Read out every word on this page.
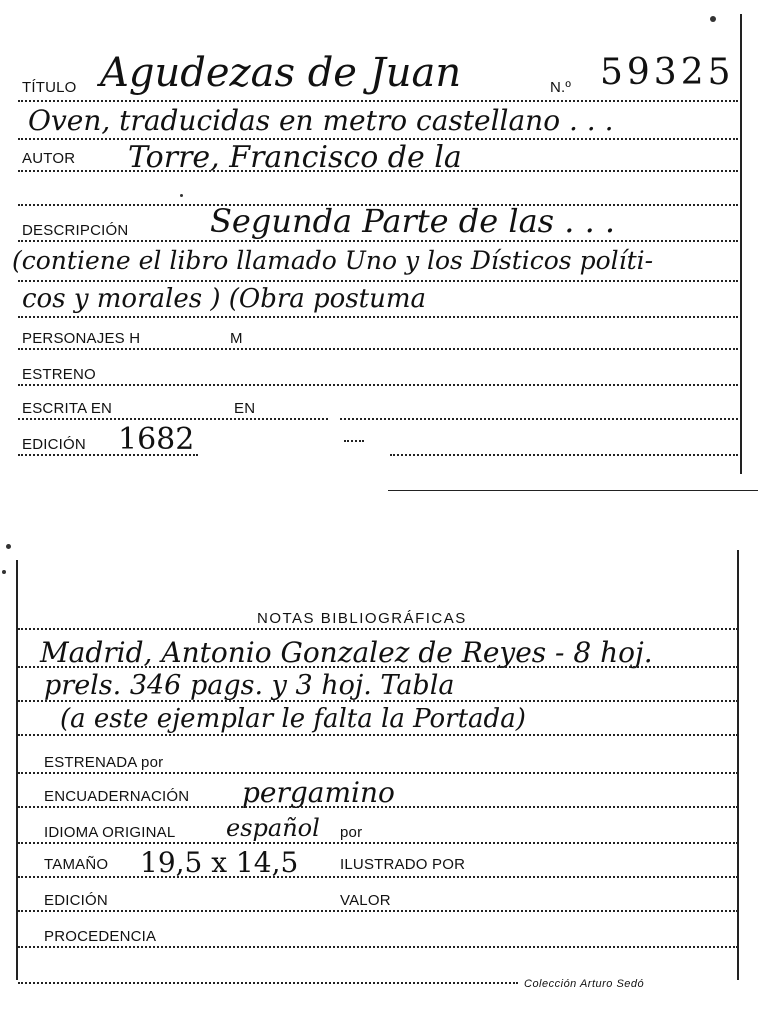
TÍTULO Agudezas de Juan	N.º 59325
Oven, traducidas en metro castellano . . .
AUTOR Torre, Francisco de la
DESCRIPCIÓN	Segunda Parte de las . . .
(contiene el libro llamado Uno y los Dísticos políti-
cos y morales ) (Obra postuma
PERSONAJES H	M
ESTRENO
ESCRITA EN	EN
EDICIÓN 1682
NOTAS BIBLIOGRÁFICAS
Madrid, Antonio Gonzalez de Reyes - 8 hoj.
prels. 346 pags. y 3 hoj. Tabla
(a este ejemplar le falta la Portada)
ESTRENADA por
ENCUADERNACIÓN pergamino
IDIOMA ORIGINAL español por
TAMAÑO 19,5 x 14,5	ILUSTRADO POR
EDICIÓN	VALOR
PROCEDENCIA
Colección Arturo Sedó
